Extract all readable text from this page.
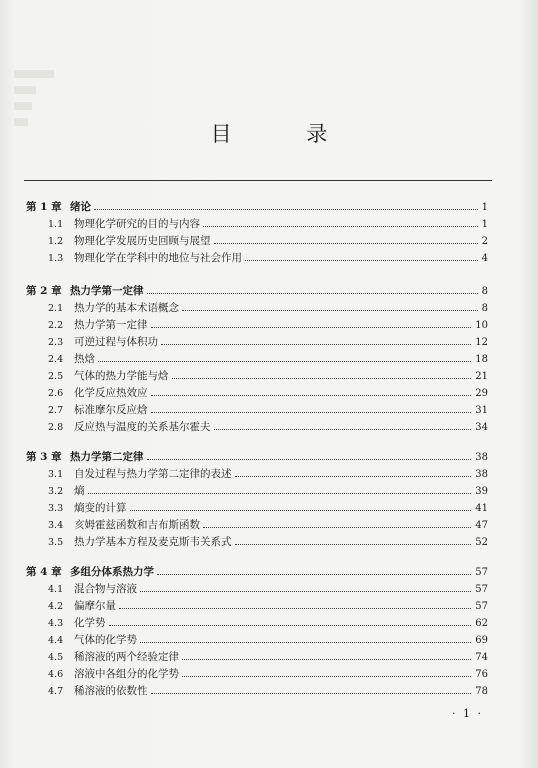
目 录
第 1 章 绪论	1
1.1	物理化学研究的目的与内容	1
1.2	物理化学发展历史回顾与展望	2
1.3	物理化学在学科中的地位与社会作用	4
第 2 章 热力学第一定律	8
2.1	热力学的基本术语概念	8
2.2	热力学第一定律	10
2.3	可逆过程与体积功	12
2.4	热焓	18
2.5	气体的热力学能与焓	21
2.6	化学反应热效应	29
2.7	标准摩尔反应焓	31
2.8	反应热与温度的关系基尔霍夫	34
第 3 章 热力学第二定律	38
3.1	自发过程与热力学第二定律的表述	38
3.2	熵	39
3.3	熵变的计算	41
3.4	亥姆霍兹函数和吉布斯函数	47
3.5	热力学基本方程及麦克斯韦关系式	52
第 4 章 多组分体系热力学	57
4.1	混合物与溶液	57
4.2	偏摩尔量	57
4.3	化学势	62
4.4	气体的化学势	69
4.5	稀溶液的两个经验定律	74
4.6	溶液中各组分的化学势	76
4.7	稀溶液的依数性	78
· 1 ·
